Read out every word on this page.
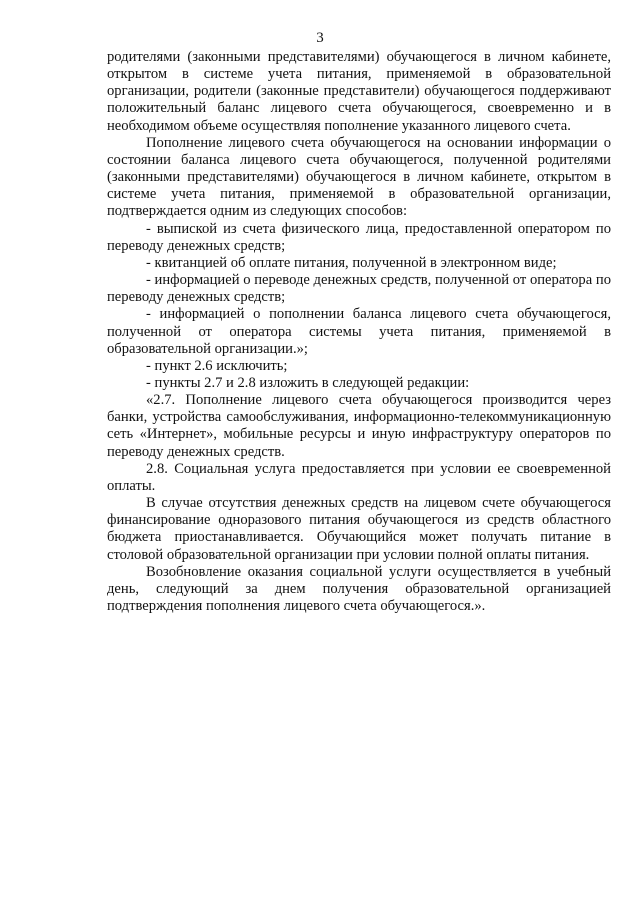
3

родителями (законными представителями) обучающегося в личном кабинете, открытом в системе учета питания, применяемой в образовательной организации, родители (законные представители) обучающегося поддерживают положительный баланс лицевого счета обучающегося, своевременно и в необходимом объеме осуществляя пополнение указанного лицевого счета.

Пополнение лицевого счета обучающегося на основании информации о состоянии баланса лицевого счета обучающегося, полученной родителями (законными представителями) обучающегося в личном кабинете, открытом в системе учета питания, применяемой в образовательной организации, подтверждается одним из следующих способов:

- выпиской из счета физического лица, предоставленной оператором по переводу денежных средств;

- квитанцией об оплате питания, полученной в электронном виде;

- информацией о переводе денежных средств, полученной от оператора по переводу денежных средств;

- информацией о пополнении баланса лицевого счета обучающегося, полученной от оператора системы учета питания, применяемой в образовательной организации.»;

- пункт 2.6 исключить;

- пункты 2.7 и 2.8 изложить в следующей редакции:

«2.7. Пополнение лицевого счета обучающегося производится через банки, устройства самообслуживания, информационно-телекоммуникационную сеть «Интернет», мобильные ресурсы и иную инфраструктуру операторов по переводу денежных средств.

2.8. Социальная услуга предоставляется при условии ее своевременной оплаты.

В случае отсутствия денежных средств на лицевом счете обучающегося финансирование одноразового питания обучающегося из средств областного бюджета приостанавливается. Обучающийся может получать питание в столовой образовательной организации при условии полной оплаты питания.

Возобновление оказания социальной услуги осуществляется в учебный день, следующий за днем получения образовательной организацией подтверждения пополнения лицевого счета обучающегося.».
